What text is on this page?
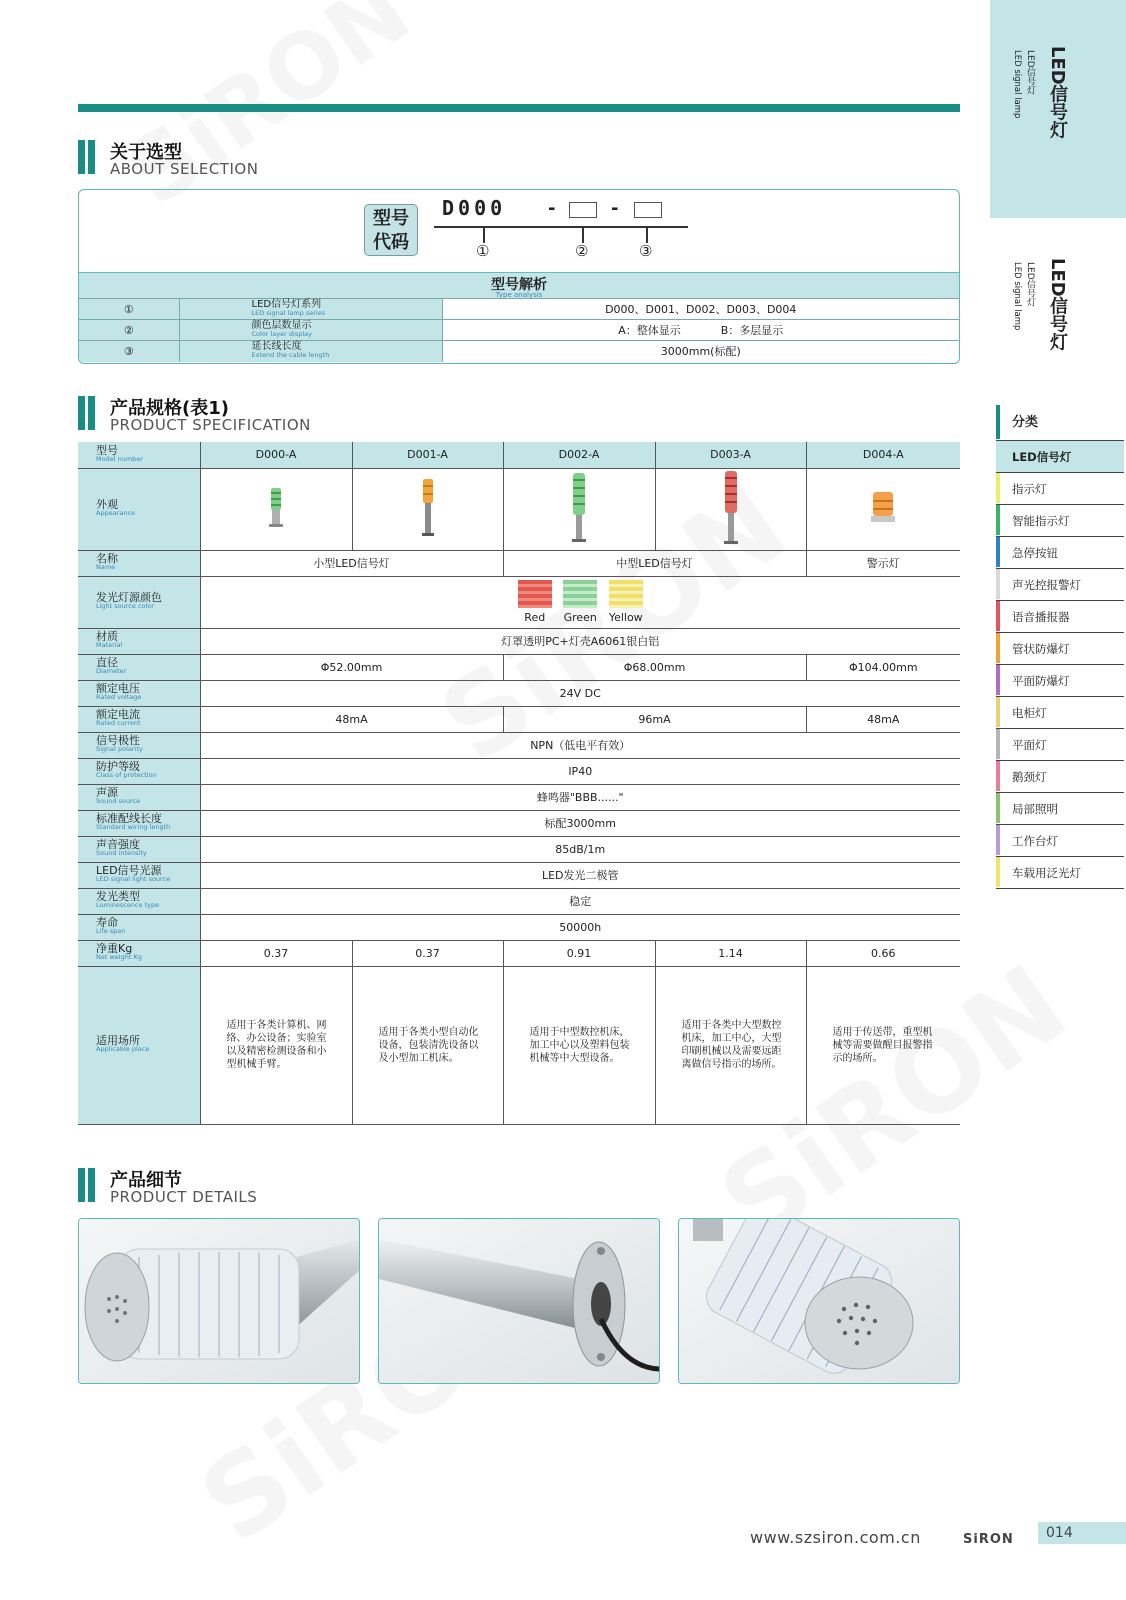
关于选型
ABOUT SELECTION
型号
代码
D000 -	-
①	②	③
型号解析
Type analysis
①	LED信号灯系列
LED signal lamp series	D000、D001、D002、D003、D004
②	颜色层数显示
Color layer display	A：整体显示 B：多层显示
③	延长线长度
Extend the cable length	3000mm(标配)
产品规格(表1)
PRODUCT SPECIFICATION
型号
Model number	D000-A	D001-A	D002-A	D003-A	D004-A

外观
Appearance

名称
Name	小型LED信号灯		中型LED信号灯		警示灯

发光灯源颜色
Light source color	Red Green Yellow				

材质
Material	灯罩透明PC+灯壳A6061银白铝				

直径
Diameter	Φ52.00mm		Φ68.00mm		Φ104.00mm

额定电压
Rated voltage	24V DC				

额定电流
Rated current	48mA		96mA		48mA

信号极性
Signal polarity	NPN（低电平有效）				

防护等级
Class of protection	IP40				

声源
Sound source	蜂鸣器"BBB......"				

标准配线长度
Standard wiring length	标配3000mm				

声音强度
Sound intensity	85dB/1m				

LED信号光源
LED signal light source	LED发光二极管				

发光类型
Luminescence type	稳定				

寿命
Life span	50000h				

净重Kg
Net weight Kg	0.37	0.37	0.91	1.14	0.66

适用场所
Applicable place	适用于各类计算机、网络、办公设备；实验室以及精密检测设备和小型机械手臂。	适用于各类小型自动化设备，包装清洗设备以及小型加工机床。	适用于中型数控机床，加工中心以及塑料包装机械等中大型设备。	适用于各类中大型数控机床，加工中心，大型印刷机械以及需要远距离做信号指示的场所。	适用于传送带，重型机械等需要做醒目报警指示的场所。
产品细节
PRODUCT DETAILS
LED信号灯
LED信号灯
LED signal lamp
LED信号灯
LED信号灯
LED signal lamp
分类
LED信号灯
指示灯
智能指示灯
急停按钮
声光控报警灯
语音播报器
管状防爆灯
平面防爆灯
电柜灯
平面灯
鹅颈灯
局部照明
工作台灯
车载用泛光灯
www.szsiron.com.cn	SiRON	014
